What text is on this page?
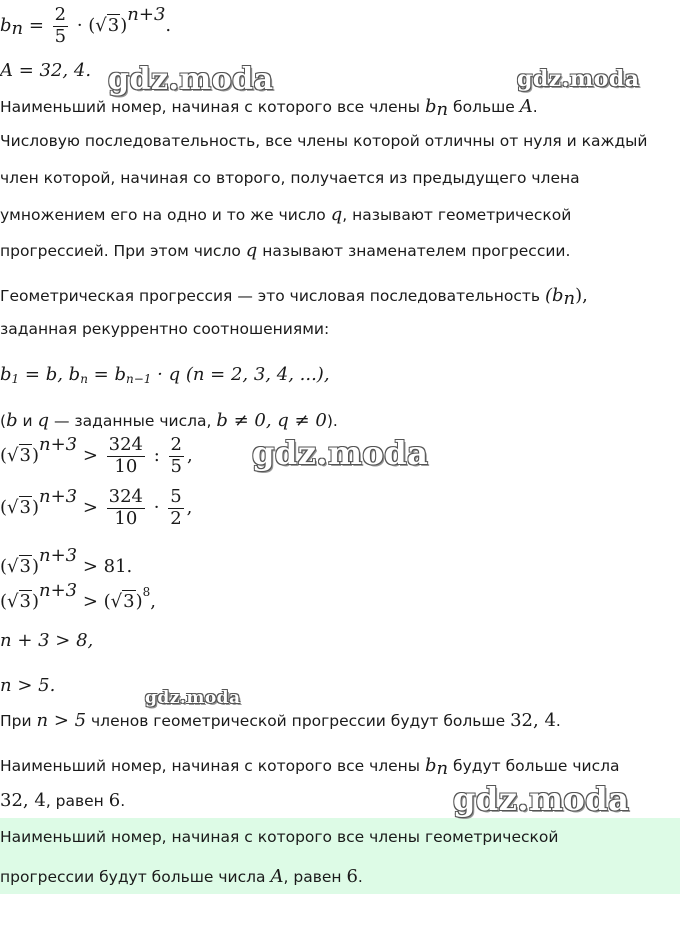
$b_n = \frac{2}{5} \cdot (√3)^{n+3}$.
A = 32, 4.
Наименьший номер, начиная с которого все члены $b_n$ больше A.
Числовую последовательность, все члены которой отличны от нуля и каждый
член которой, начиная со второго, получается из предыдущего члена
умножением его на одно и то же число q, называют геометрической
прогрессией. При этом число q называют знаменателем прогрессии.
Геометрическая прогрессия — это числовая последовательность $(b_n)$,
заданная рекуррентно соотношениями:
$b_1 = b$, $b_n = b_{n-1} \cdot q$ (n = 2, 3, 4, ...),
(b и q — заданные числа, b ≠ 0, q ≠ 0).
$(√3)^{n+3} > \frac{324}{10}$ : $\frac{2}{5}$ ,
$(√3)^{n+3} > \frac{324}{10} \cdot \frac{5}{2}$ ,
$(√3)^{n+3} > 81$.
$(√3)^{n+3} > (√3)^8$,
n + 3 > 8,
n > 5.
При n > 5 членов геометрической прогрессии будут больше 32, 4.
Наименьший номер, начиная с которого все члены $b_n$ будут больше числа
32, 4, равен 6.
Наименьший номер, начиная с которого все члены геометрической
прогрессии будут больше числа A, равен 6.
gdz.moda	gdz.moda
gdz.moda
gdz.moda
gdz.moda
